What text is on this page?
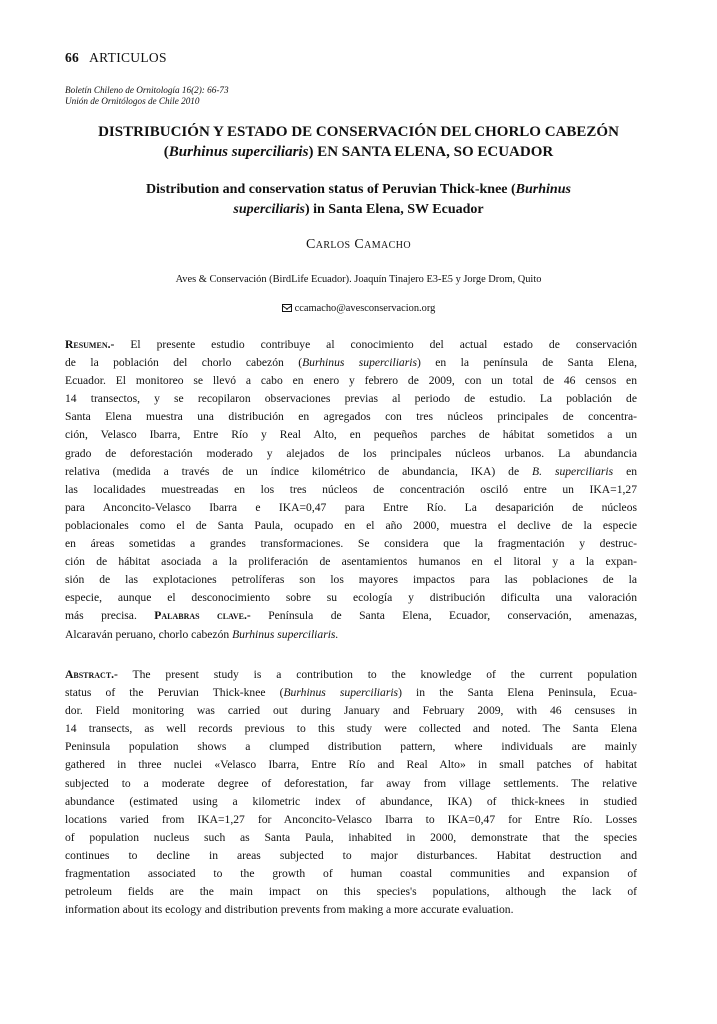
66 ARTICULOS
Boletín Chileno de Ornitología 16(2): 66-73
Unión de Ornitólogos de Chile 2010
DISTRIBUCIÓN Y ESTADO DE CONSERVACIÓN DEL CHORLO CABEZÓN
(Burhinus superciliaris) EN SANTA ELENA, SO ECUADOR
Distribution and conservation status of Peruvian Thick-knee (Burhinus
superciliaris) in Santa Elena, SW Ecuador
Carlos Camacho
Aves & Conservación (BirdLife Ecuador). Joaquín Tinajero E3-E5 y Jorge Drom, Quito
ccamacho@avesconservacion.org
Resumen.- El presente estudio contribuye al conocimiento del actual estado de conservación
de la población del chorlo cabezón (Burhinus superciliaris) en la península de Santa Elena,
Ecuador. El monitoreo se llevó a cabo en enero y febrero de 2009, con un total de 46 censos en
14 transectos, y se recopilaron observaciones previas al periodo de estudio. La población de
Santa Elena muestra una distribución en agregados con tres núcleos principales de concentra-
ción, Velasco Ibarra, Entre Río y Real Alto, en pequeños parches de hábitat sometidos a un
grado de deforestación moderado y alejados de los principales núcleos urbanos. La abundancia
relativa (medida a través de un índice kilométrico de abundancia, IKA) de B. superciliaris en
las localidades muestreadas en los tres núcleos de concentración osciló entre un IKA=1,27
para Anconcito-Velasco Ibarra e IKA=0,47 para Entre Río. La desaparición de núcleos
poblacionales como el de Santa Paula, ocupado en el año 2000, muestra el declive de la especie
en áreas sometidas a grandes transformaciones. Se considera que la fragmentación y destruc-
ción de hábitat asociada a la proliferación de asentamientos humanos en el litoral y a la expan-
sión de las explotaciones petrolíferas son los mayores impactos para las poblaciones de la
especie, aunque el desconocimiento sobre su ecología y distribución dificulta una valoración
más precisa. Palabras clave.- Península de Santa Elena, Ecuador, conservación, amenazas,
Alcaraván peruano, chorlo cabezón Burhinus superciliaris.
Abstract.- The present study is a contribution to the knowledge of the current population
status of the Peruvian Thick-knee (Burhinus superciliaris) in the Santa Elena Peninsula, Ecua-
dor. Field monitoring was carried out during January and February 2009, with 46 censuses in
14 transects, as well records previous to this study were collected and noted. The Santa Elena
Peninsula population shows a clumped distribution pattern, where individuals are mainly
gathered in three nuclei «Velasco Ibarra, Entre Río and Real Alto» in small patches of habitat
subjected to a moderate degree of deforestation, far away from village settlements. The relative
abundance (estimated using a kilometric index of abundance, IKA) of thick-knees in studied
locations varied from IKA=1,27 for Anconcito-Velasco Ibarra to IKA=0,47 for Entre Río. Losses
of population nucleus such as Santa Paula, inhabited in 2000, demonstrate that the species
continues to decline in areas subjected to major disturbances. Habitat destruction and
fragmentation associated to the growth of human coastal communities and expansion of
petroleum fields are the main impact on this species's populations, although the lack of
information about its ecology and distribution prevents from making a more accurate evaluation.
